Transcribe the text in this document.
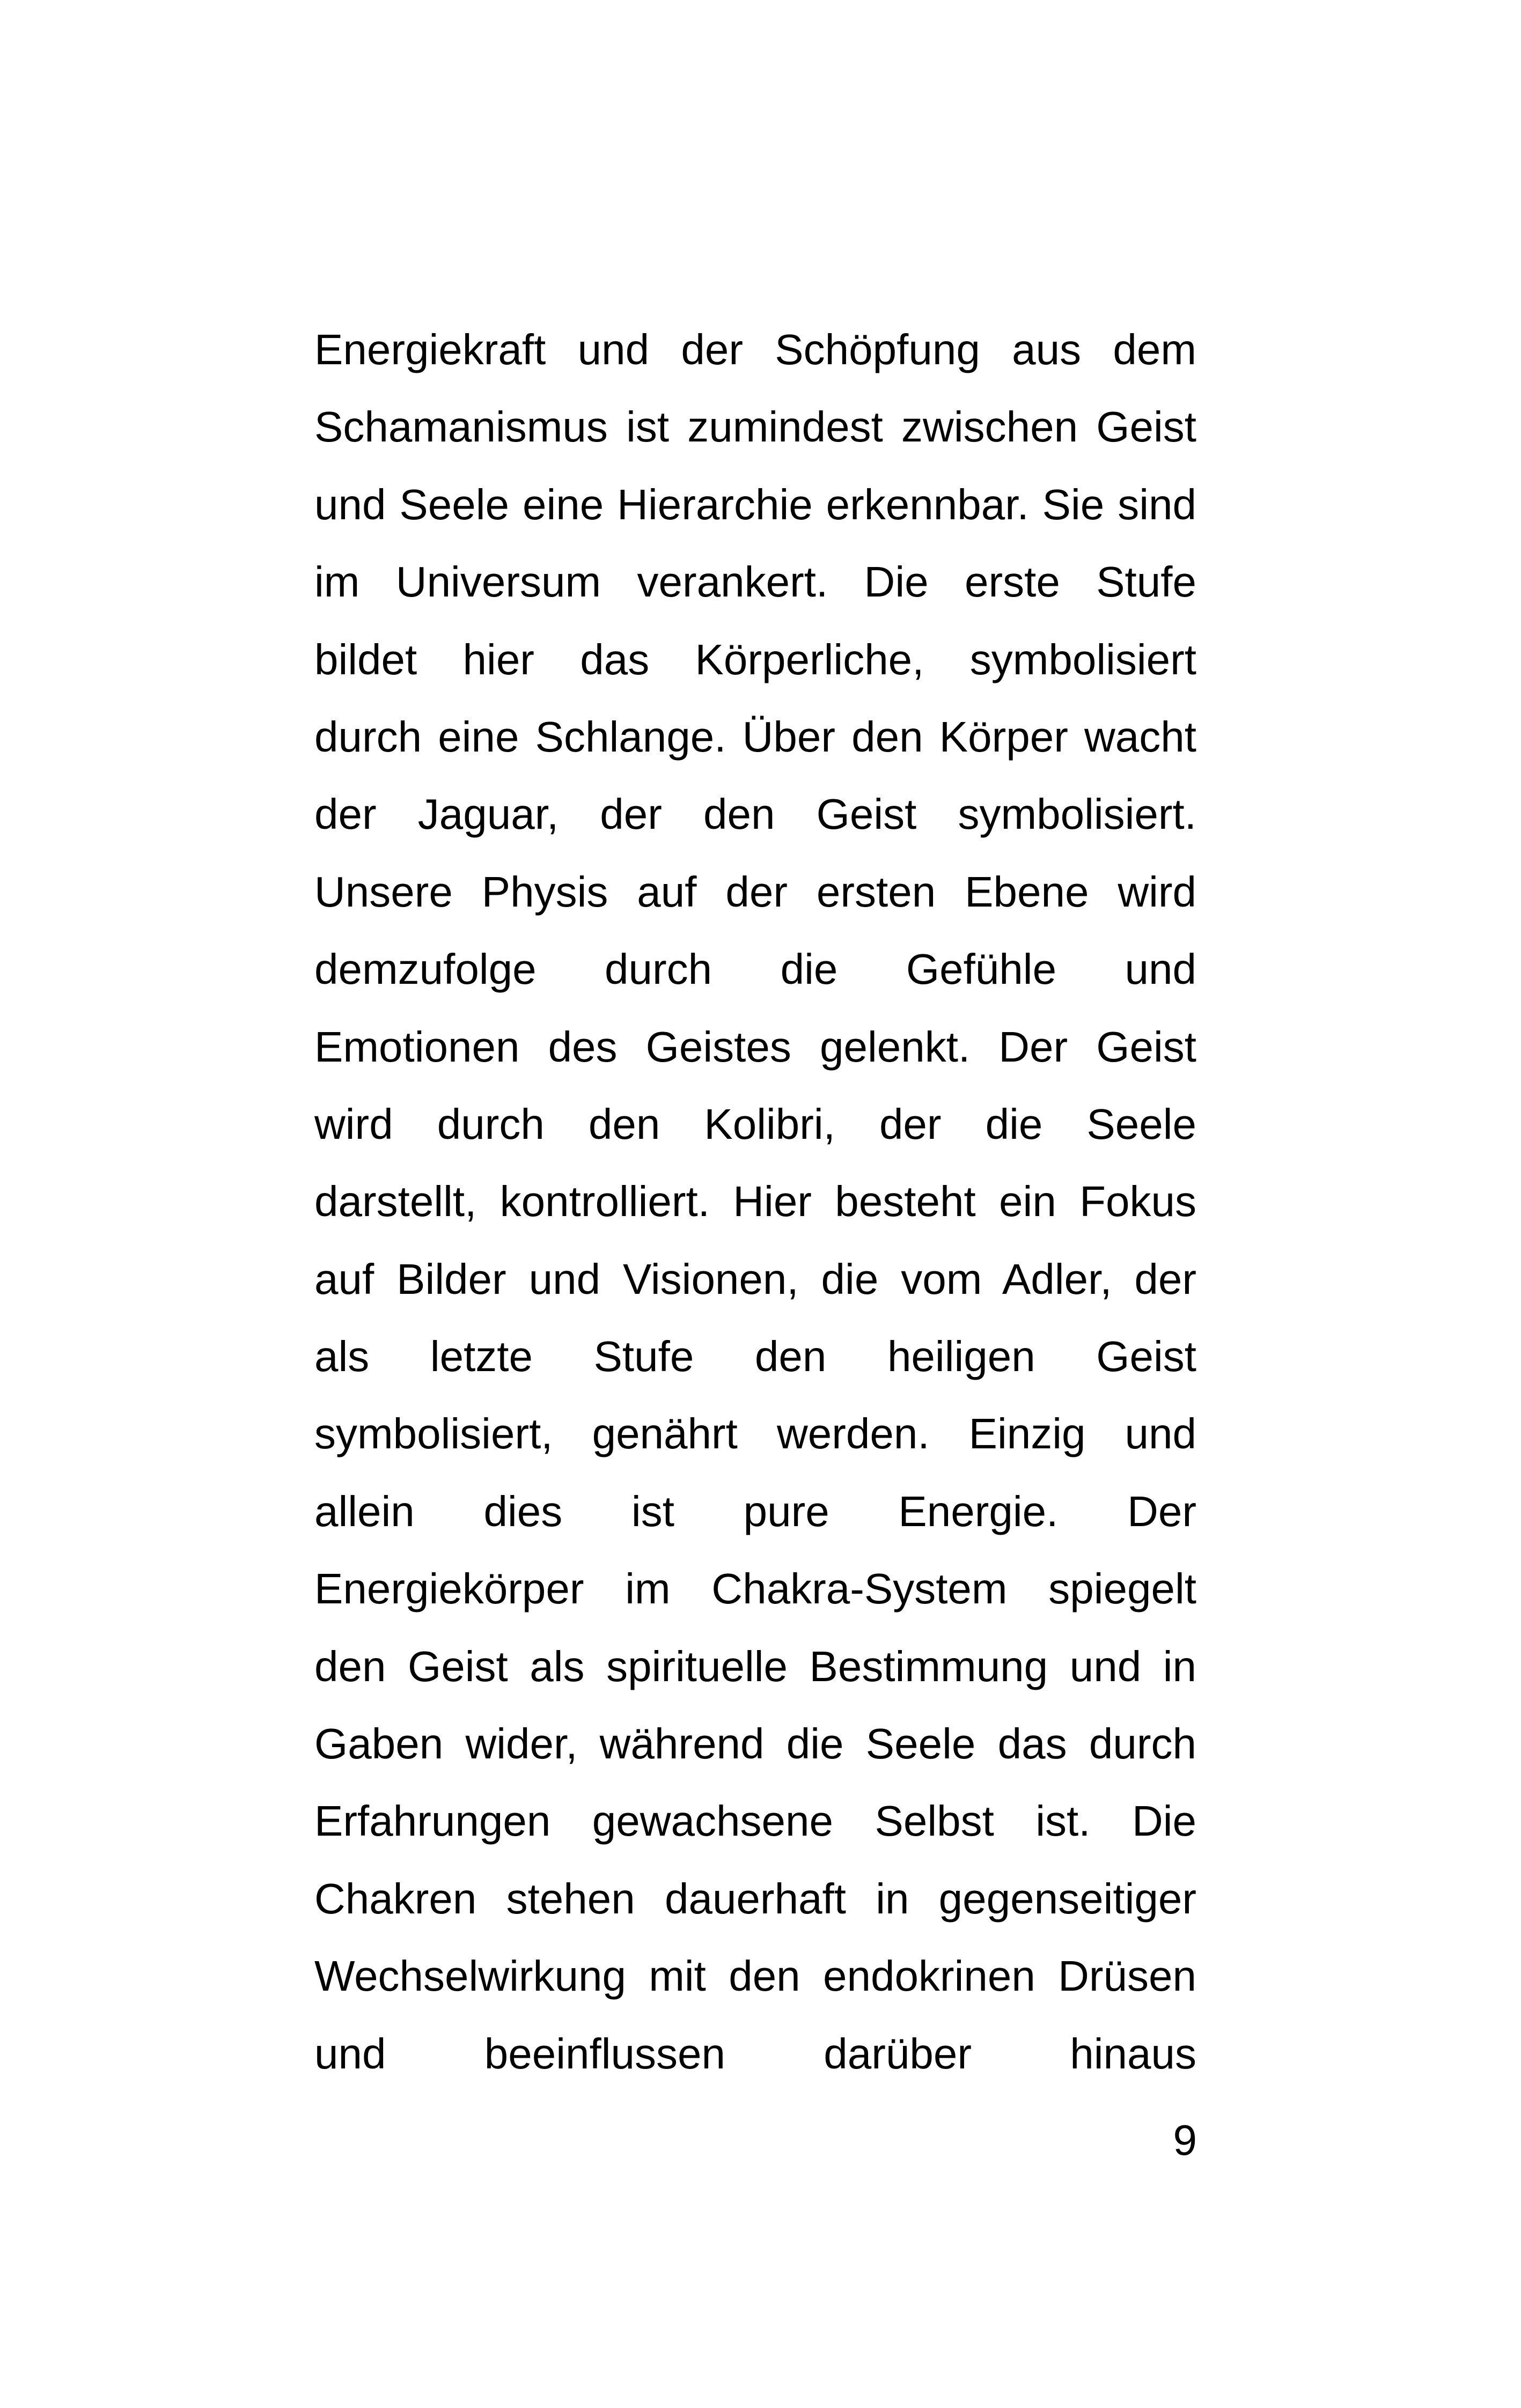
Energiekraft und der Schöpfung aus dem
Schamanismus ist zumindest zwischen Geist
und Seele eine Hierarchie erkennbar. Sie sind
im Universum verankert. Die erste Stufe
bildet hier das Körperliche, symbolisiert
durch eine Schlange. Über den Körper wacht
der Jaguar, der den Geist symbolisiert.
Unsere Physis auf der ersten Ebene wird
demzufolge durch die Gefühle und
Emotionen des Geistes gelenkt. Der Geist
wird durch den Kolibri, der die Seele
darstellt, kontrolliert. Hier besteht ein Fokus
auf Bilder und Visionen, die vom Adler, der
als letzte Stufe den heiligen Geist
symbolisiert, genährt werden. Einzig und
allein dies ist pure Energie. Der
Energiekörper im Chakra-System spiegelt
den Geist als spirituelle Bestimmung und in
Gaben wider, während die Seele das durch
Erfahrungen gewachsene Selbst ist. Die
Chakren stehen dauerhaft in gegenseitiger
Wechselwirkung mit den endokrinen Drüsen
und beeinflussen darüber hinaus
9
